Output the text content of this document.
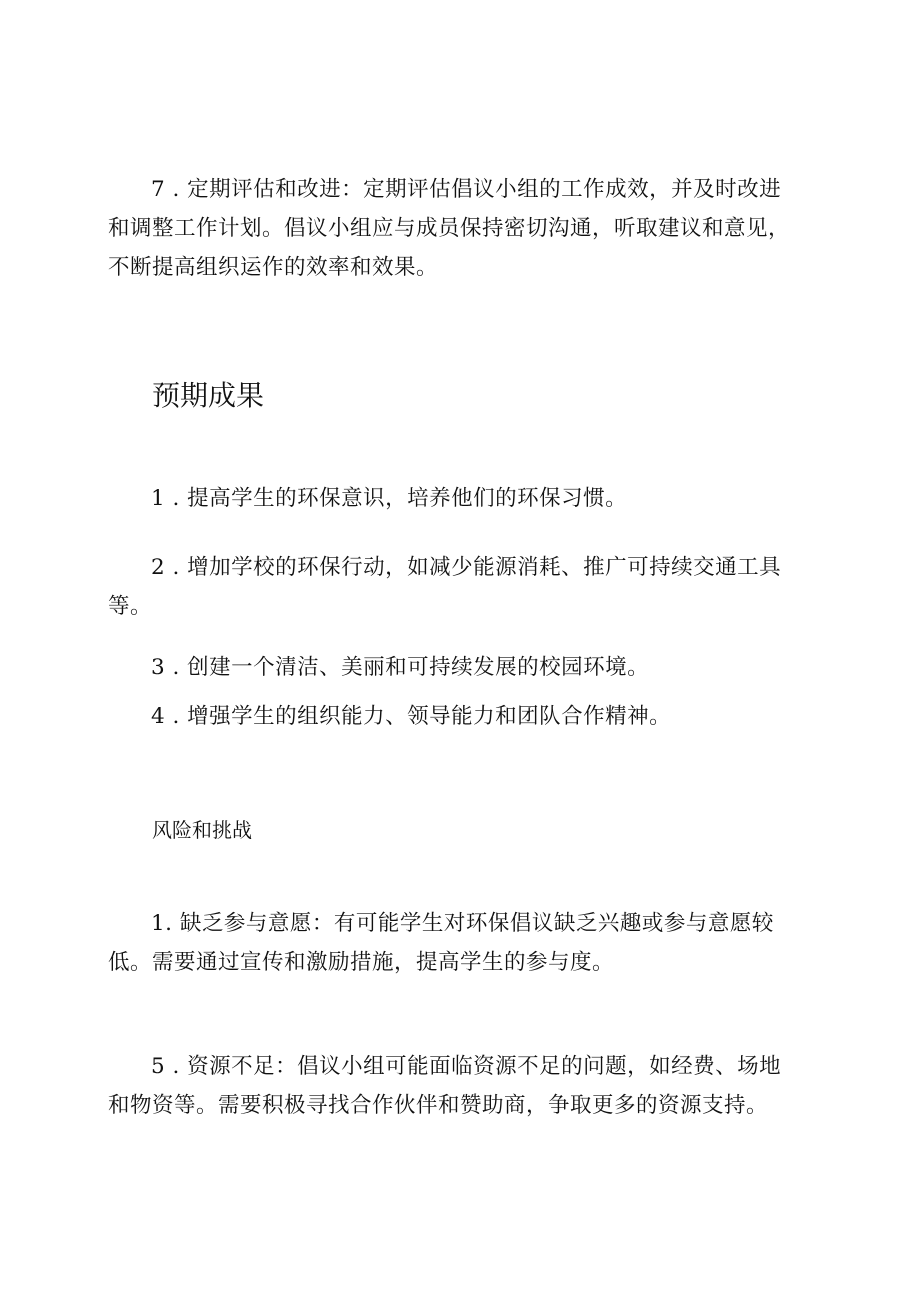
7 . 定期评估和改进：定期评估倡议小组的工作成效，并及时改进
和调整工作计划。倡议小组应与成员保持密切沟通，听取建议和意见，
不断提高组织运作的效率和效果。

预期成果

1 . 提高学生的环保意识，培养他们的环保习惯。

2 . 增加学校的环保行动，如减少能源消耗、推广可持续交通工具
等。

3 . 创建一个清洁、美丽和可持续发展的校园环境。

4 . 增强学生的组织能力、领导能力和团队合作精神。

风险和挑战

1. 缺乏参与意愿：有可能学生对环保倡议缺乏兴趣或参与意愿较
低。需要通过宣传和激励措施，提高学生的参与度。

5 . 资源不足：倡议小组可能面临资源不足的问题，如经费、场地
和物资等。需要积极寻找合作伙伴和赞助商，争取更多的资源支持。
